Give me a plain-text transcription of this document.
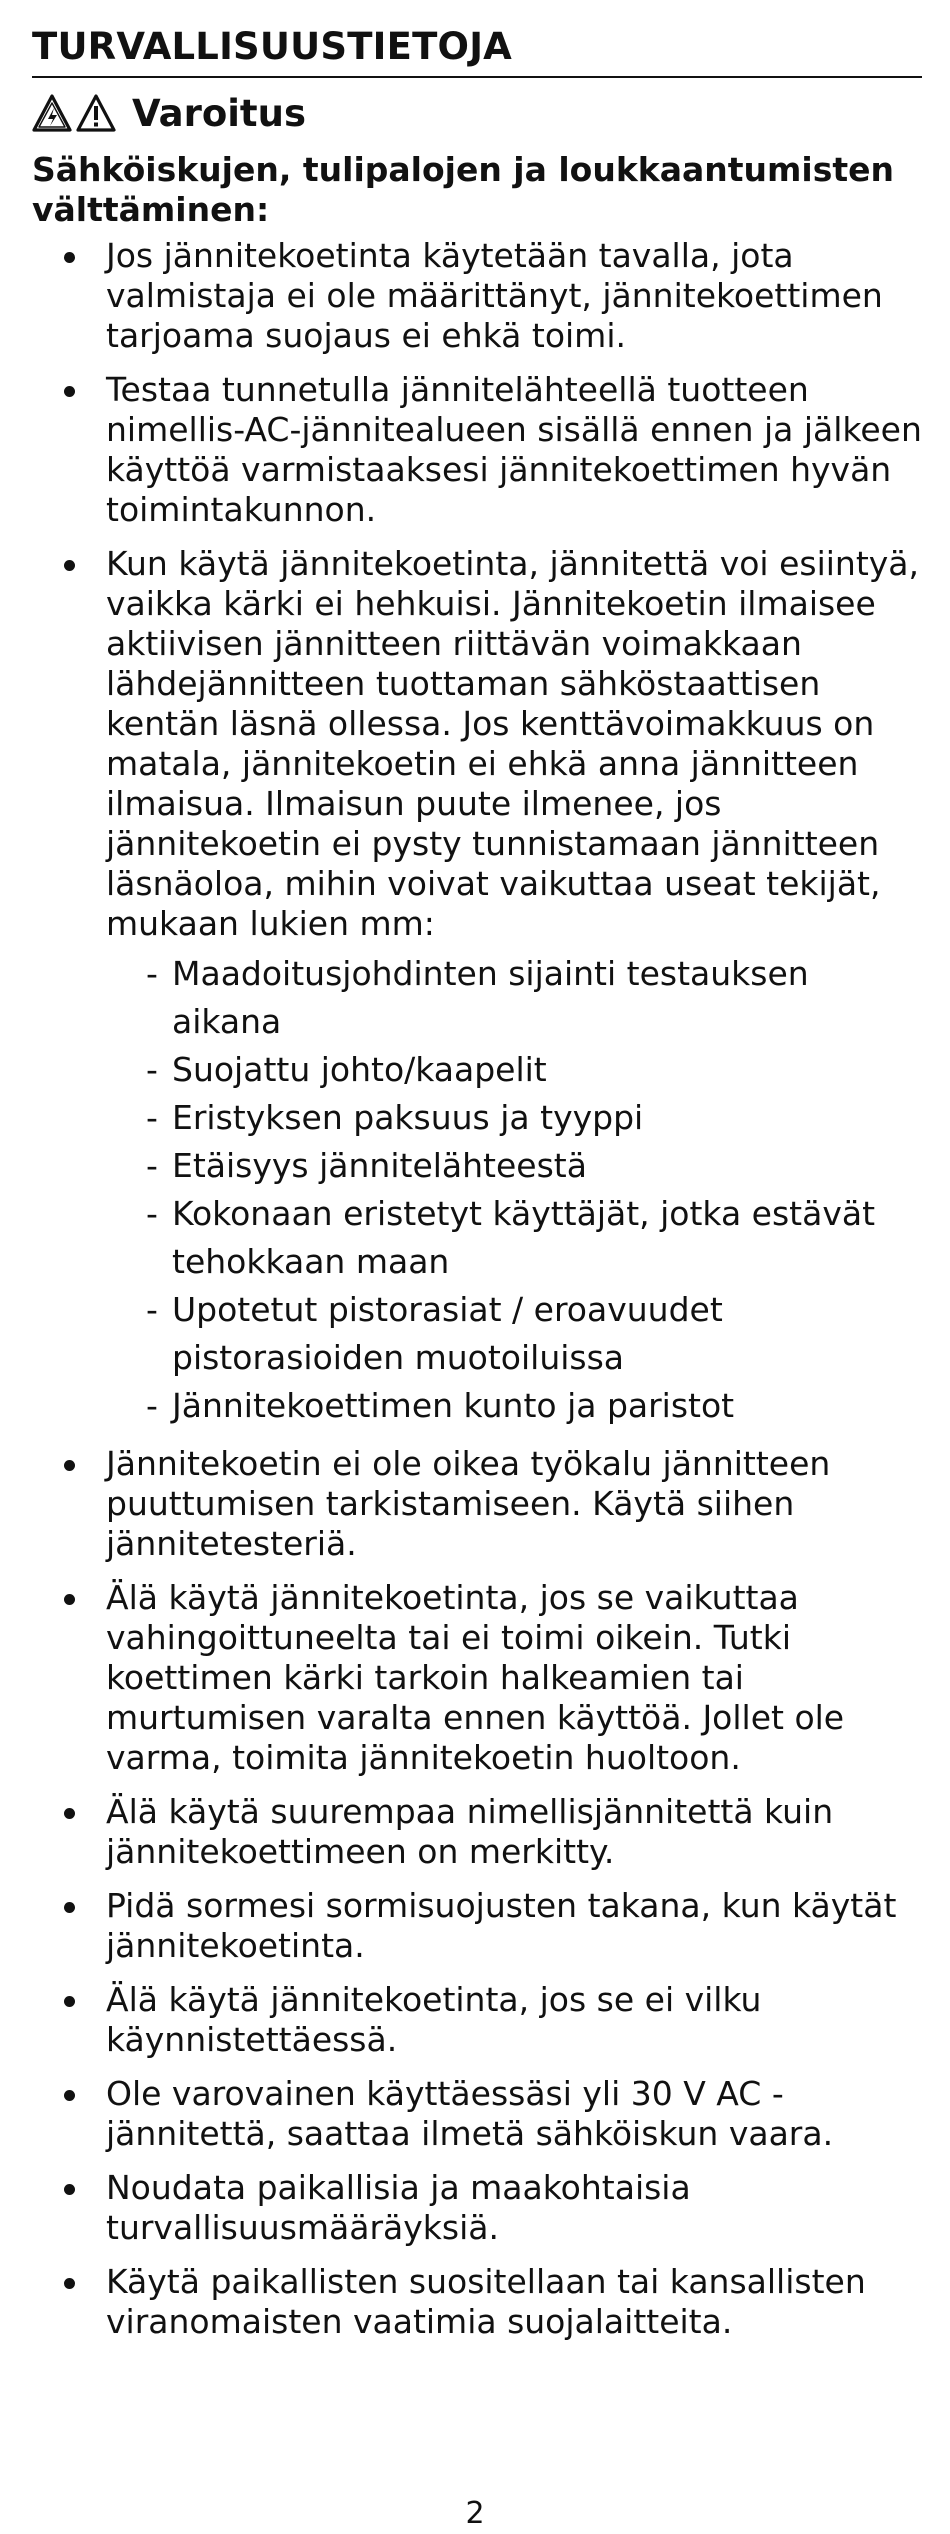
TURVALLISUUSTIETOJA
Varoitus
Sähköiskujen, tulipalojen ja loukkaantumisten välttäminen:
Jos jännitekoetinta käytetään tavalla, jota valmistaja ei ole määrittänyt, jännitekoettimen tarjoama suojaus ei ehkä toimi.
Testaa tunnetulla jännitelähteellä tuotteen nimellis-AC-jännitealueen sisällä ennen ja jälkeen käyttöä varmistaaksesi jännitekoettimen hyvän toimintakunnon.
Kun käytä jännitekoetinta, jännitettä voi esiintyä, vaikka kärki ei hehkuisi. Jännitekoetin ilmaisee aktiivisen jännitteen riittävän voimakkaan lähdejännitteen tuottaman sähköstaattisen kentän läsnä ollessa. Jos kenttävoimakkuus on matala, jännitekoetin ei ehkä anna jännitteen ilmaisua. Ilmaisun puute ilmenee, jos jännitekoetin ei pysty tunnistamaan jännitteen läsnäoloa, mihin voivat vaikuttaa useat tekijät, mukaan lukien mm:
- Maadoitusjohdinten sijainti testauksen aikana
- Suojattu johto/kaapelit
- Eristyksen paksuus ja tyyppi
- Etäisyys jännitelähteestä
- Kokonaan eristetyt käyttäjät, jotka estävät tehokkaan maan
- Upotetut pistorasiat / eroavuudet pistorasioiden muotoiluissa
- Jännitekoettimen kunto ja paristot
Jännitekoetin ei ole oikea työkalu jännitteen puuttumisen tarkistamiseen. Käytä siihen jännitetesteriä.
Älä käytä jännitekoetinta, jos se vaikuttaa vahingoittuneelta tai ei toimi oikein. Tutki koettimen kärki tarkoin halkeamien tai murtumisen varalta ennen käyttöä. Jollet ole varma, toimita jännitekoetin huoltoon.
Älä käytä suurempaa nimellisjännitettä kuin jännitekoettimeen on merkitty.
Pidä sormesi sormisuojusten takana, kun käytät jännitekoetinta.
Älä käytä jännitekoetinta, jos se ei vilku käynnistettäessä.
Ole varovainen käyttäessäsi yli 30 V AC -jännitettä, saattaa ilmetä sähköiskun vaara.
Noudata paikallisia ja maakohtaisia turvallisuusmääräyksiä.
Käytä paikallisten suositellaan tai kansallisten viranomaisten vaatimia suojalaitteita.
2
